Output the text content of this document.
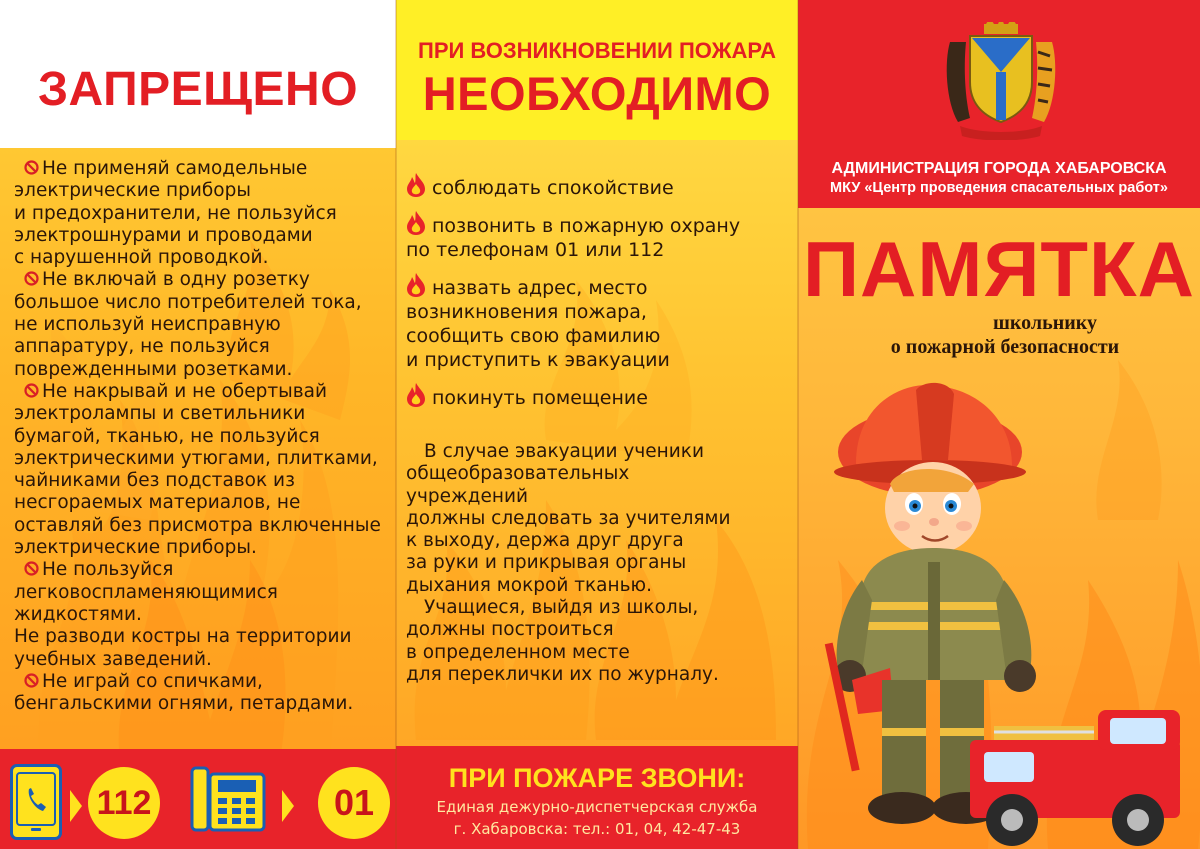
ЗАПРЕЩЕНО

Не применяй самодельные

электрические приборы

и предохранители, не пользуйся

электрошнурами и проводами

с нарушенной проводкой.

Не включай в одну розетку

большое число потребителей тока,

не используй неисправную

аппаратуру, не пользуйся

поврежденными розетками.

Не накрывай и не обертывай

электролампы и светильники

бумагой, тканью, не пользуйся

электрическими утюгами, плитками,

чайниками без подставок из

несгораемых материалов, не

оставляй без присмотра включенные

электрические приборы.

Не пользуйся

легковоспламеняющимися

жидкостями.

Не разводи костры на территории

учебных заведений.

Не играй со спичками,

бенгальскими огнями, петардами.

112	01
ПРИ ВОЗНИКНОВЕНИИ ПОЖАРА
НЕОБХОДИМО
соблюдать спокойствие
позвонить в пожарную охрану
по телефонам 01 или 112
назвать адрес, место
возникновения пожара,
сообщить свою фамилию
и приступить к эвакуации
покинуть помещение

В случае эвакуации ученики

общеобразовательных

учреждений

должны следовать за учителями

к выходу, держа друг друга

за руки и прикрывая органы

дыхания мокрой тканью.

Учащиеся, выйдя из школы,

должны построиться

в определенном месте

для переклички их по журналу.

ПРИ ПОЖАРЕ ЗВОНИ:
Единая дежурно-диспетчерская служба
г. Хабаровска: тел.: 01, 04, 42-47-43
АДМИНИСТРАЦИЯ ГОРОДА ХАБАРОВСКА
МКУ «Центр проведения спасательных работ»
ПАМЯТКА
школьнику
о пожарной безопасности
